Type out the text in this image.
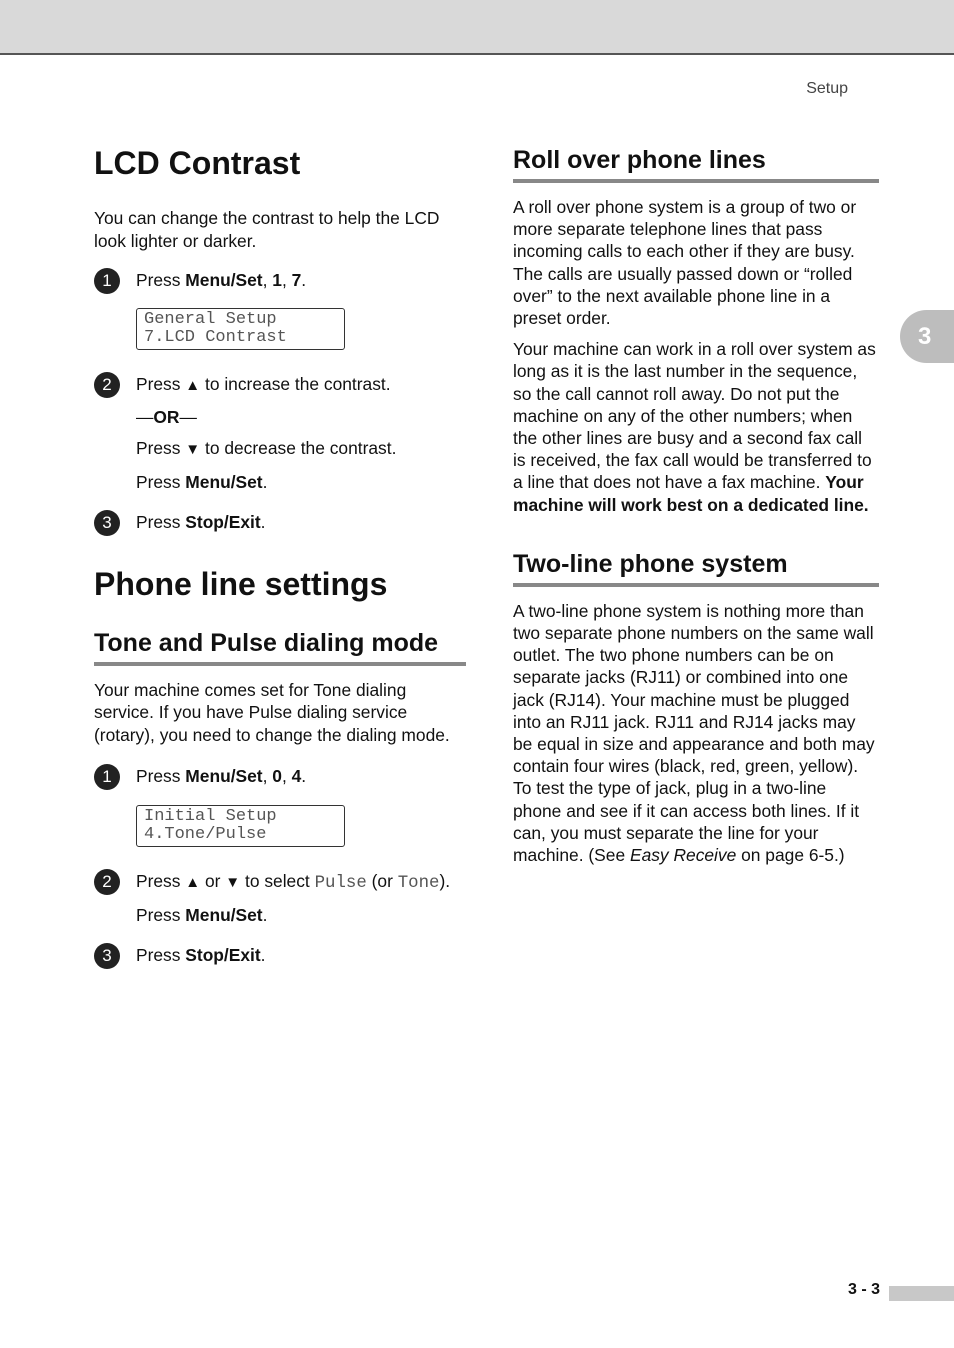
Setup
3
LCD Contrast

You can change the contrast to help the LCD look lighter or darker.

1	Press Menu/Set, 1, 7.
General Setup
7.LCD Contrast
2	Press ▲ to increase the contrast.
—OR—
Press ▼ to decrease the contrast.
Press Menu/Set.
3	Press Stop/Exit.
Phone line settings
Tone and Pulse dialing mode

Your machine comes set for Tone dialing service. If you have Pulse dialing service (rotary), you need to change the dialing mode.

1	Press Menu/Set, 0, 4.
Initial Setup
4.Tone/Pulse
2	Press ▲ or ▼ to select Pulse (or Tone).
Press Menu/Set.
3	Press Stop/Exit.
Roll over phone lines

A roll over phone system is a group of two or more separate telephone lines that pass incoming calls to each other if they are busy. The calls are usually passed down or “rolled over” to the next available phone line in a preset order.

Your machine can work in a roll over system as long as it is the last number in the sequence, so the call cannot roll away. Do not put the machine on any of the other numbers; when the other lines are busy and a second fax call is received, the fax call would be transferred to a line that does not have a fax machine. Your machine will work best on a dedicated line.

Two-line phone system

A two-line phone system is nothing more than two separate phone numbers on the same wall outlet. The two phone numbers can be on separate jacks (RJ11) or combined into one jack (RJ14). Your machine must be plugged into an RJ11 jack. RJ11 and RJ14 jacks may be equal in size and appearance and both may contain four wires (black, red, green, yellow). To test the type of jack, plug in a two-line phone and see if it can access both lines. If it can, you must separate the line for your machine. (See Easy Receive on page 6-5.)

3 - 3
